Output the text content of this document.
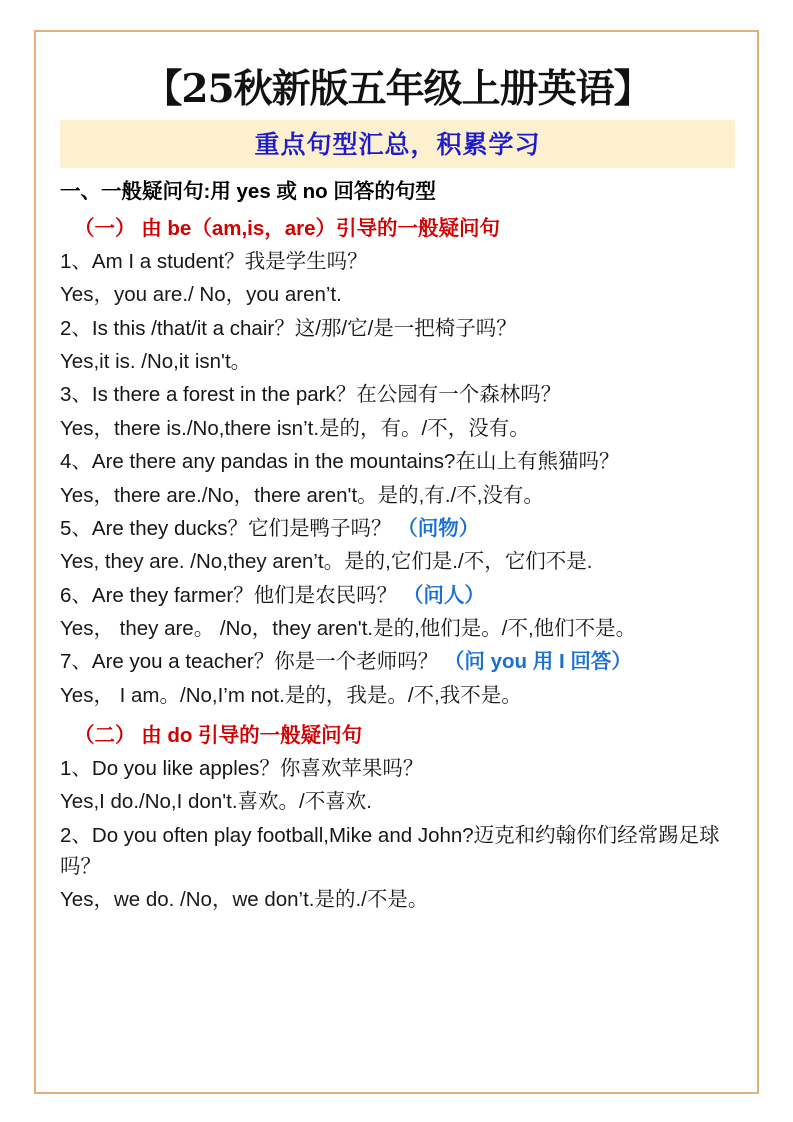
【25秋新版五年级上册英语】
重点句型汇总，积累学习
一、一般疑问句:用 yes 或 no 回答的句型
（一） 由 be（am,is，are）引导的一般疑问句
1、Am I a student？我是学生吗？
Yes，you are./ No，you aren’t.
2、Is this /that/it a chair？这/那/它/是一把椅子吗？
Yes,it is. /No,it isn't。
3、Is there a forest in the park？在公园有一个森林吗？
Yes，there is./No,there isn’t.是的，有。/不，没有。
4、Are there any pandas in the mountains?在山上有熊猫吗？
Yes，there are./No，there aren't。是的,有./不,没有。
5、Are they ducks？它们是鸭子吗？ （问物）
Yes, they are. /No,they aren’t。是的,它们是./不，它们不是.
6、Are they farmer？他们是农民吗？ （问人）
Yes， they are。 /No，they aren't.是的,他们是。/不,他们不是。
7、Are you a teacher？你是一个老师吗？ （问 you 用 I 回答）
Yes， I am。/No,I’m not.是的，我是。/不,我不是。
（二） 由 do 引导的一般疑问句
1、Do you like apples？你喜欢苹果吗？
Yes,I do./No,I don't.喜欢。/不喜欢.
2、Do you often play football,Mike and John?迈克和约翰你们经常踢足球吗？
Yes，we do. /No，we don’t.是的./不是。
